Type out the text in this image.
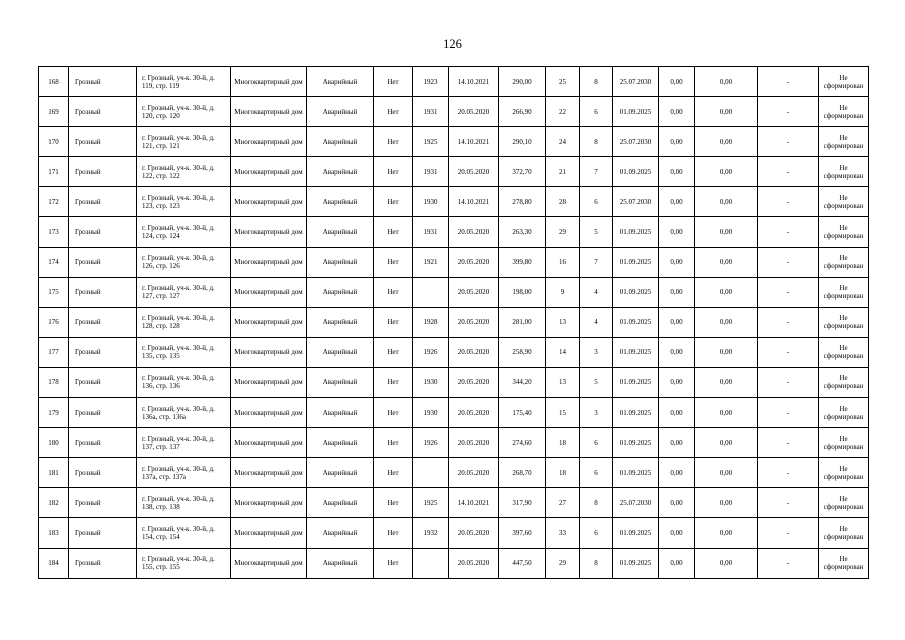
126
168	Грозный	г. Грозный, уч-к. 30-й, д. 119, стр. 119	Многоквартирный дом	Аварийный	Нет	1923	14.10.2021	290,00	25	8	25.07.2030	0,00	0,00	-	Не сформирован
169	Грозный	г. Грозный, уч-к. 30-й, д. 120, стр. 120	Многоквартирный дом	Аварийный	Нет	1931	20.05.2020	266,90	22	6	01.09.2025	0,00	0,00	-	Не сформирован
170	Грозный	г. Грозный, уч-к. 30-й, д. 121, стр. 121	Многоквартирный дом	Аварийный	Нет	1925	14.10.2021	290,10	24	8	25.07.2030	0,00	0,00	-	Не сформирован
171	Грозный	г. Грозный, уч-к. 30-й, д. 122, стр. 122	Многоквартирный дом	Аварийный	Нет	1931	20.05.2020	372,70	21	7	01.09.2025	0,00	0,00	-	Не сформирован
172	Грозный	г. Грозный, уч-к. 30-й, д. 123, стр. 123	Многоквартирный дом	Аварийный	Нет	1930	14.10.2021	278,80	28	6	25.07.2030	0,00	0,00	-	Не сформирован
173	Грозный	г. Грозный, уч-к. 30-й, д. 124, стр. 124	Многоквартирный дом	Аварийный	Нет	1931	20.05.2020	263,30	29	5	01.09.2025	0,00	0,00	-	Не сформирован
174	Грозный	г. Грозный, уч-к. 30-й, д. 126, стр. 126	Многоквартирный дом	Аварийный	Нет	1921	20.05.2020	399,80	16	7	01.09.2025	0,00	0,00	-	Не сформирован
175	Грозный	г. Грозный, уч-к. 30-й, д. 127, стр. 127	Многоквартирный дом	Аварийный	Нет		20.05.2020	198,00	9	4	01.09.2025	0,00	0,00	-	Не сформирован
176	Грозный	г. Грозный, уч-к. 30-й, д. 128, стр. 128	Многоквартирный дом	Аварийный	Нет	1928	20.05.2020	281,00	13	4	01.09.2025	0,00	0,00	-	Не сформирован
177	Грозный	г. Грозный, уч-к. 30-й, д. 135, стр. 135	Многоквартирный дом	Аварийный	Нет	1926	20.05.2020	258,90	14	3	01.09.2025	0,00	0,00	-	Не сформирован
178	Грозный	г. Грозный, уч-к. 30-й, д. 136, стр. 136	Многоквартирный дом	Аварийный	Нет	1930	20.05.2020	344,20	13	5	01.09.2025	0,00	0,00	-	Не сформирован
179	Грозный	г. Грозный, уч-к. 30-й, д. 136а, стр. 136а	Многоквартирный дом	Аварийный	Нет	1930	20.05.2020	175,40	15	3	01.09.2025	0,00	0,00	-	Не сформирован
180	Грозный	г. Грозный, уч-к. 30-й, д. 137, стр. 137	Многоквартирный дом	Аварийный	Нет	1926	20.05.2020	274,60	18	6	01.09.2025	0,00	0,00	-	Не сформирован
181	Грозный	г. Грозный, уч-к. 30-й, д. 137а, стр. 137а	Многоквартирный дом	Аварийный	Нет		20.05.2020	268,70	18	6	01.09.2025	0,00	0,00	-	Не сформирован
182	Грозный	г. Грозный, уч-к. 30-й, д. 138, стр. 138	Многоквартирный дом	Аварийный	Нет	1925	14.10.2021	317,90	27	8	25.07.2030	0,00	0,00	-	Не сформирован
183	Грозный	г. Грозный, уч-к. 30-й, д. 154, стр. 154	Многоквартирный дом	Аварийный	Нет	1932	20.05.2020	397,60	33	6	01.09.2025	0,00	0,00	-	Не сформирован
184	Грозный	г. Грозный, уч-к. 30-й, д. 155, стр. 155	Многоквартирный дом	Аварийный	Нет		20.05.2020	447,50	29	8	01.09.2025	0,00	0,00	-	Не сформирован
